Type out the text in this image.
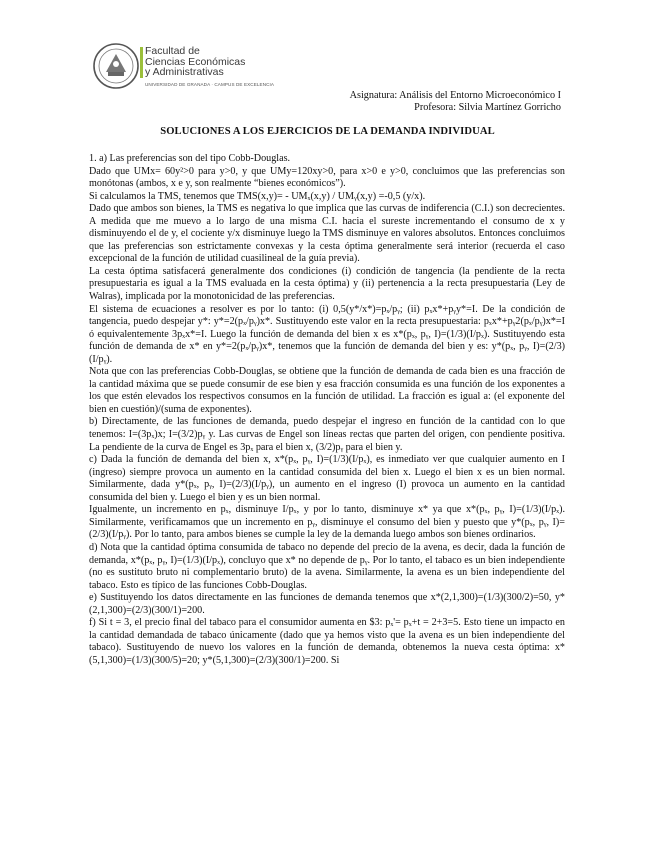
Facultad de
Ciencias Económicas
y Administrativas
UNIVERSIDAD DE GRANADA · CAMPUS DE EXCELENCIA
Asignatura: Análisis del Entorno Microeconómico I
Profesora: Silvia Martínez Gorricho
SOLUCIONES A LOS EJERCICIOS DE LA DEMANDA INDIVIDUAL

1. a) Las preferencias son del tipo Cobb-Douglas.

Dado que UMx= 60y²>0 para y>0, y que UMy=120xy>0, para x>0 e y>0, concluimos que las preferencias son monótonas (ambos, x e y, son realmente “bienes económicos”).

Si calculamos la TMS, tenemos que TMS(x,y)= - UMₓ(x,y) / UMᵧ(x,y) =-0,5 (y/x).

Dado que ambos son bienes, la TMS es negativa lo que implica que las curvas de indiferencia (C.I.) son decrecientes. A medida que me muevo a lo largo de una misma C.I. hacia el sureste incrementando el consumo de x y disminuyendo el de y, el cociente y/x disminuye luego la TMS disminuye en valores absolutos. Entonces concluimos que las preferencias son estrictamente convexas y la cesta óptima generalmente será interior (recuerda el caso excepcional de la función de utilidad cuasilineal de la guía previa).

La cesta óptima satisfacerá generalmente dos condiciones (i) condición de tangencia (la pendiente de la recta presupuestaria es igual a la TMS evaluada en la cesta óptima) y (ii) pertenencia a la recta presupuestaria (Ley de Walras), implicada por la monotonicidad de las preferencias.

El sistema de ecuaciones a resolver es por lo tanto: (i) 0,5(y*/x*)=pₓ/pᵧ; (ii) pₓx*+pᵧy*=I. De la condición de tangencia, puedo despejar y*: y*=2(pₓ/pᵧ)x*. Sustituyendo este valor en la recta presupuestaria: pₓx*+pᵧ2(pₓ/pᵧ)x*=I ó equivalentemente 3pₓx*=I. Luego la función de demanda del bien x es x*(pₓ, pᵧ, I)=(1/3)(I/pₓ). Sustituyendo esta función de demanda de x* en y*=2(pₓ/pᵧ)x*, tenemos que la función de demanda del bien y es: y*(pₓ, pᵧ, I)=(2/3)(I/pᵧ).

Nota que con las preferencias Cobb-Douglas, se obtiene que la función de demanda de cada bien es una fracción de la cantidad máxima que se puede consumir de ese bien y esa fracción consumida es una función de los exponentes a los que estén elevados los respectivos consumos en la función de utilidad. La fracción es igual a: (el exponente del bien en cuestión)/(suma de exponentes).

b) Directamente, de las funciones de demanda, puedo despejar el ingreso en función de la cantidad con lo que tenemos: I=(3pₓ)x; I=(3/2)pᵧ y. Las curvas de Engel son líneas rectas que parten del origen, con pendiente positiva. La pendiente de la curva de Engel es 3pₓ para el bien x, (3/2)pᵧ para el bien y.

c) Dada la función de demanda del bien x, x*(pₓ, pᵧ, I)=(1/3)(I/pₓ), es inmediato ver que cualquier aumento en I (ingreso) siempre provoca un aumento en la cantidad consumida del bien x. Luego el bien x es un bien normal. Similarmente, dada y*(pₓ, pᵧ, I)=(2/3)(I/pᵧ), un aumento en el ingreso (I) provoca un aumento en la cantidad consumida del bien y. Luego el bien y es un bien normal.

Igualmente, un incremento en pₓ, disminuye I/pₓ, y por lo tanto, disminuye x* ya que x*(pₓ, pᵧ, I)=(1/3)(I/pₓ). Similarmente, verificamamos que un incremento en pᵧ, disminuye el consumo del bien y puesto que y*(pₓ, pᵧ, I)=(2/3)(I/pᵧ). Por lo tanto, para ambos bienes se cumple la ley de la demanda luego ambos son bienes ordinarios.

d) Nota que la cantidad óptima consumida de tabaco no depende del precio de la avena, es decir, dada la función de demanda, x*(pₓ, pᵧ, I)=(1/3)(I/pₓ), concluyo que x* no depende de pᵧ. Por lo tanto, el tabaco es un bien independiente (no es sustituto bruto ni complementario bruto) de la avena. Similarmente, la avena es un bien independiente del tabaco. Esto es típico de las funciones Cobb-Douglas.

e) Sustituyendo los datos directamente en las funciones de demanda tenemos que x*(2,1,300)=(1/3)(300/2)=50, y*(2,1,300)=(2/3)(300/1)=200.

f) Si t = 3, el precio final del tabaco para el consumidor aumenta en $3: pₓ'= pₓ+t = 2+3=5. Esto tiene un impacto en la cantidad demandada de tabaco únicamente (dado que ya hemos visto que la avena es un bien independiente del tabaco). Sustituyendo de nuevo los valores en la función de demanda, obtenemos la nueva cesta óptima: x*(5,1,300)=(1/3)(300/5)=20; y*(5,1,300)=(2/3)(300/1)=200. Si
